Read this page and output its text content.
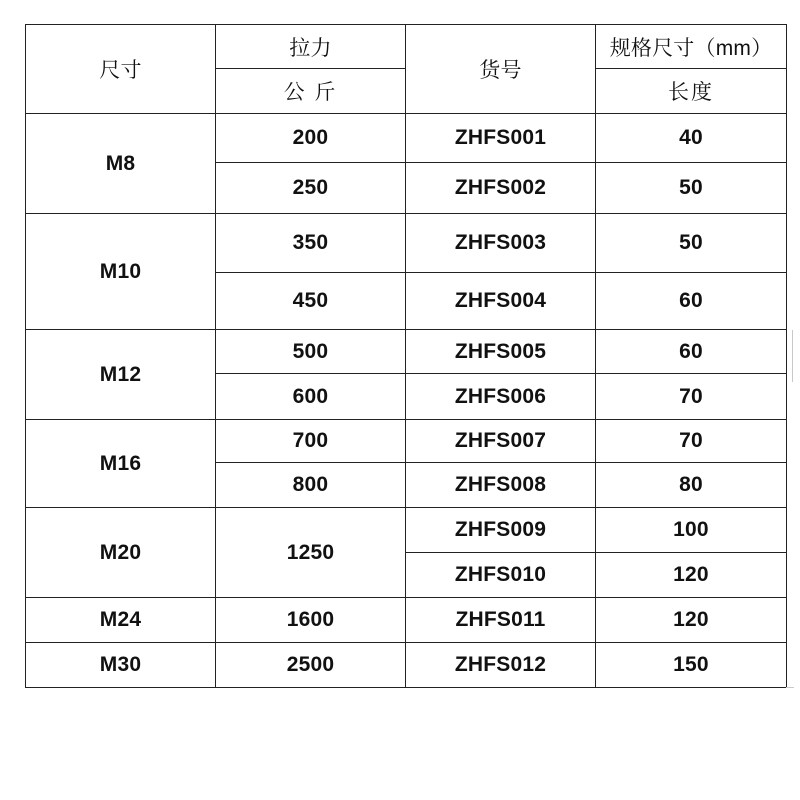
尺寸	拉力	货号	规格尺寸（mm）
	公 斤		长度
M8	200	ZHFS001	40
	250	ZHFS002	50
M10	350	ZHFS003	50
	450	ZHFS004	60
M12	500	ZHFS005	60
	600	ZHFS006	70
M16	700	ZHFS007	70
	800	ZHFS008	80
M20	1250	ZHFS009	100
		ZHFS010	120
M24	1600	ZHFS011	120
M30	2500	ZHFS012	150
